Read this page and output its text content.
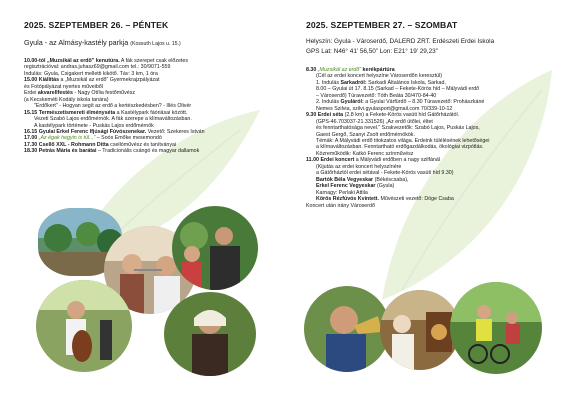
2025. SZEPTEMBER 26. – PÉNTEK
Gyula - az Almásy-kastély parkja (Kossuth Lajos u. 15.)
10.00-tól „Muzsikál az erdő” kenutúra. A fák szerepet csak előzetes
regisztrációval: andras.juhasz69@gmail.com tel.: 30/9071-559
Indulás: Gyula, Csigakert melletti kikötő. Táv: 3 km, 1 óra
15.00 Kiállítás a „Muzsikál az erdő” Gyermekrajzpályázat
és Fotópályázat nyertes műveiből
Erdei akvarellfestés - Nagy Otília festőművész
(a Kecskeméti Kodály iskola tanára)
"Erdőkert" - Hogyan segít az erdő a kertészkedésben? - Illés Olivér
15.15 Természetismereti élményséta a Kastélypark fáóriásai között.
Vezeti Szabó Lajos erdőmérnök. A fák szerepe a klímaváltozásban.
A kastélypark története - Puskás Lajos erdőmérnök
16.15 Gyulai Erkel Ferenc Ifjúsági Fúvószenekar. Vezető: Szekeres István
17.00 „Az égak hegyin is túl...” – Soós Emőke mesemondó
17.30 Csellő XXL - Rohmann Ditta csellóművész és tanítványai
18.30 Petrás Mária és barátai – Tradicionális csángó és magyar dallamok
2025. SZEPTEMBER 27. – SZOMBAT
Helyszín: Gyula - Városerdő, DALERD ZRT. Erdészeti Erdei Iskola
GPS Lat: N46° 41’ 56,50” Lon: E21° 19’ 29,23”
8.30 „Muzsikál az erdő” kerékpártúra
(Cél az erdei koncert helyszíne Városerdőn keresztül)
1. Indulás Sarkadról: Sarkadi Általános Iskola, Sarkad,
8.00 – Gyulai út 17. 8.15 (Sarkad – Fekete-Körös híd – Mályvádi erdő
– Városerdő) Túravezető: Tóth Beáta 30/470-84-40
2. Indulás Gyuláról: a Gyulai Várfürdő – 8.30 Túravezető: Prohászkáné
Nemes Szilvia, szilvi.gyulasport@gmail.com 70/339-10-12
9.30 Erdei séta (2,8 km) a Fekete-Körös vasúti híd Gátőrházától.
(GPS-46.703037-21.331526) „Az erdő ütőlei, éltet
és fenntarthatósága nevel.” Szakvezetők: Szabó Lajos, Puskás Lajos,
Gaest Gergő, Szanyi Zsolt erdőmérnökök.
Témák: A Mályvádi erdő titokzatos világa. Erdeink túlélésének lehetőségei
a klímaváltozásban. Fenntartható erdőgazdálkodás, ökológiai vizpótlás.
Közreműködik: Katkó Ferenc színművész
11.00 Erdei koncert a Mályvádi erdőben a nagy szilfánál
(Kijutás az erdei koncert helyszínére
a Gátőrháztól erdei sétával - Fekete-Körös vasúti híd 9.30)
Bartók Béla Vegyeskar (Békéscsaba),
Erkel Ferenc Vegyeskar (Gyula)
Karnagy: Perlaki Attila
Körös Rézfúvós Kvintett. Művészeti vezető: Döge Csaba
Koncert után irány Városerdő
